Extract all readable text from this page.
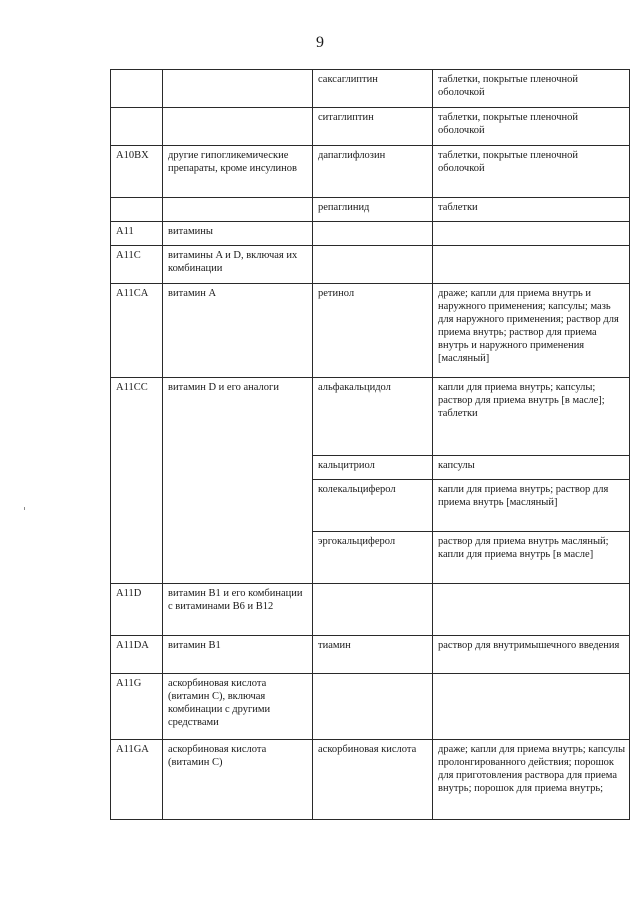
9
		саксаглиптин	таблетки, покрытые пленочной оболочкой
		ситаглиптин	таблетки, покрытые пленочной оболочкой
A10BX	другие гипогликемические препараты, кроме инсулинов	дапаглифлозин	таблетки, покрытые пленочной оболочкой
		репаглинид	таблетки
A11	витамины		
A11C	витамины A и D, включая их комбинации		
A11CA	витамин A	ретинол	драже; капли для приема внутрь и наружного применения; капсулы; мазь для наружного применения; раствор для приема внутрь; раствор для приема внутрь и наружного применения [масляный]
A11CC	витамин D и его аналоги	альфакальцидол	капли для приема внутрь; капсулы; раствор для приема внутрь [в масле]; таблетки
		кальцитриол	капсулы
		колекальциферол	капли для приема внутрь; раствор для приема внутрь [масляный]
		эргокальциферол	раствор для приема внутрь масляный; капли для приема внутрь [в масле]
A11D	витамин B1 и его комбинации с витаминами B6 и B12		
A11DA	витамин B1	тиамин	раствор для внутримышечного введения
A11G	аскорбиновая кислота (витамин C), включая комбинации с другими средствами		
A11GA	аскорбиновая кислота (витамин C)	аскорбиновая кислота	драже; капли для приема внутрь; капсулы пролонгированного действия; порошок для приготовления раствора для приема внутрь; порошок для приема внутрь;
